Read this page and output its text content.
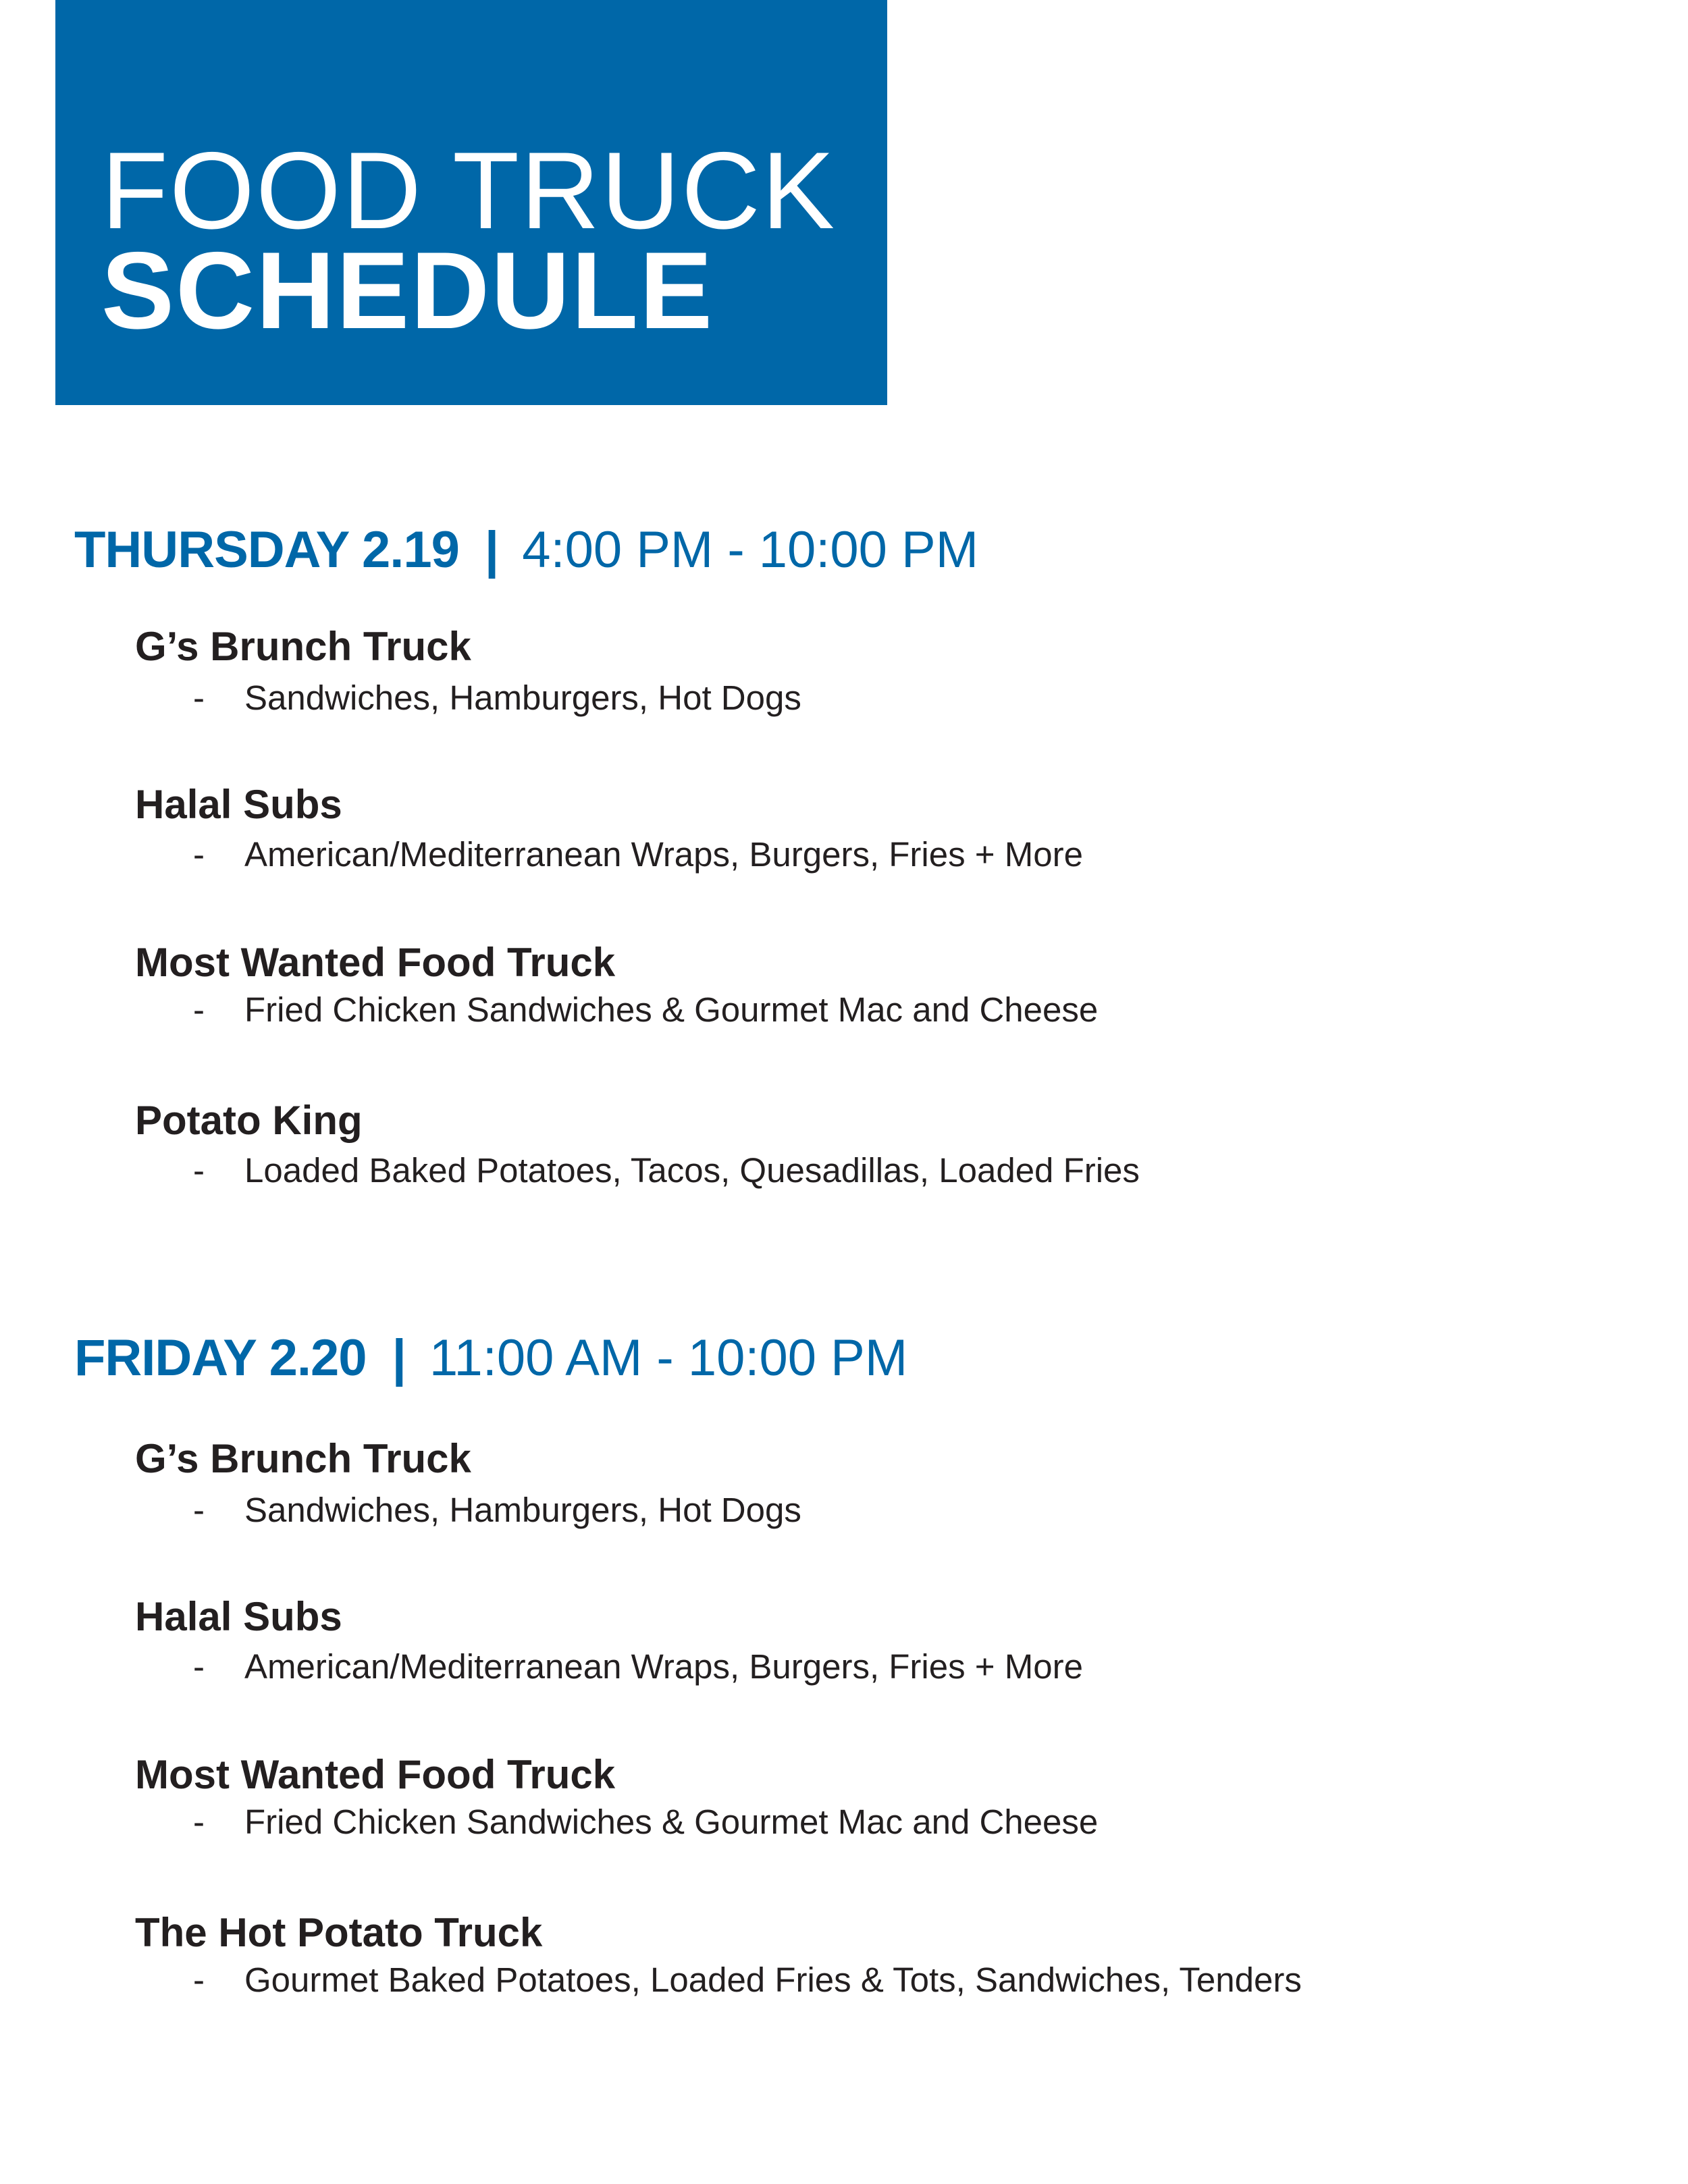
FOOD TRUCK
SCHEDULE
THURSDAY 2.19 | 4:00 PM - 10:00 PM
G’s Brunch Truck
- Sandwiches, Hamburgers, Hot Dogs
Halal Subs
- American/Mediterranean Wraps, Burgers, Fries + More
Most Wanted Food Truck
- Fried Chicken Sandwiches & Gourmet Mac and Cheese
Potato King
- Loaded Baked Potatoes, Tacos, Quesadillas, Loaded Fries
FRIDAY 2.20 | 11:00 AM - 10:00 PM
G’s Brunch Truck
- Sandwiches, Hamburgers, Hot Dogs
Halal Subs
- American/Mediterranean Wraps, Burgers, Fries + More
Most Wanted Food Truck
- Fried Chicken Sandwiches & Gourmet Mac and Cheese
The Hot Potato Truck
- Gourmet Baked Potatoes, Loaded Fries & Tots, Sandwiches, Tenders
